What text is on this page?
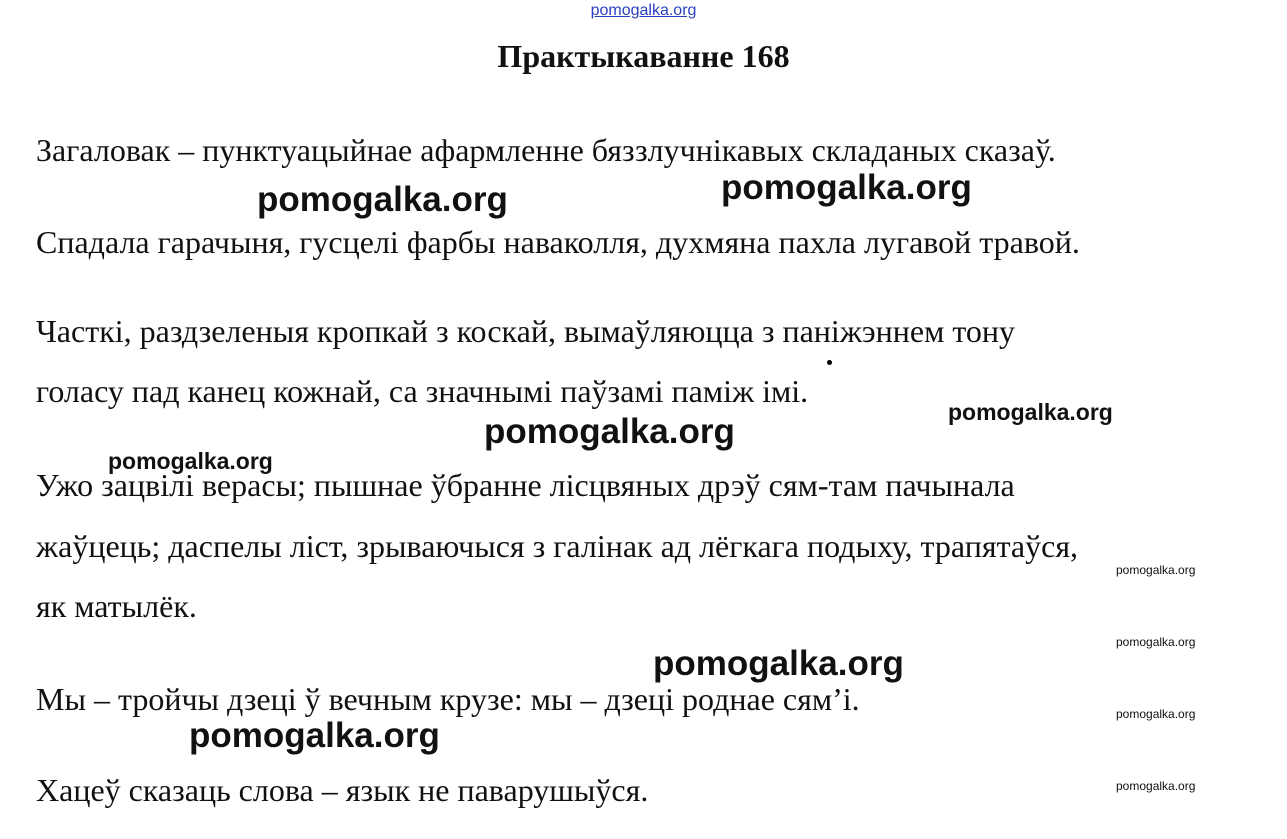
pomogalka.org
Практыкаванне 168

Загаловак – пунктуацыйнае афармленне бяззлучнікавых складаных сказаў.

Спадала гарачыня, гусцелі фарбы наваколля, духмяна пахла лугавой травой.

Часткі, раздзеленыя кропкай з коскай, вымаўляюцца з паніжэннем тону

голасу пад канец кожнай, са значнымі паўзамі паміж імі.

Ужо зацвілі верасы; пышнае ўбранне ліcцвяных дрэў сям-там пачынала

жаўцець; даспелы ліст, зрываючыся з галінак ад лёгкага подыху, трапятаўся,

як матылёк.

Мы – тройчы дзеці ў вечным крузе: мы – дзеці роднае сям’і.

Хацеў сказаць слова – язык не паварушыўся.

pomogalka.org	pomogalka.org
pomogalka.org
pomogalka.org
pomogalka.org
pomogalka.org
pomogalka.org
pomogalka.org
pomogalka.org
pomogalka.org
pomogalka.org
